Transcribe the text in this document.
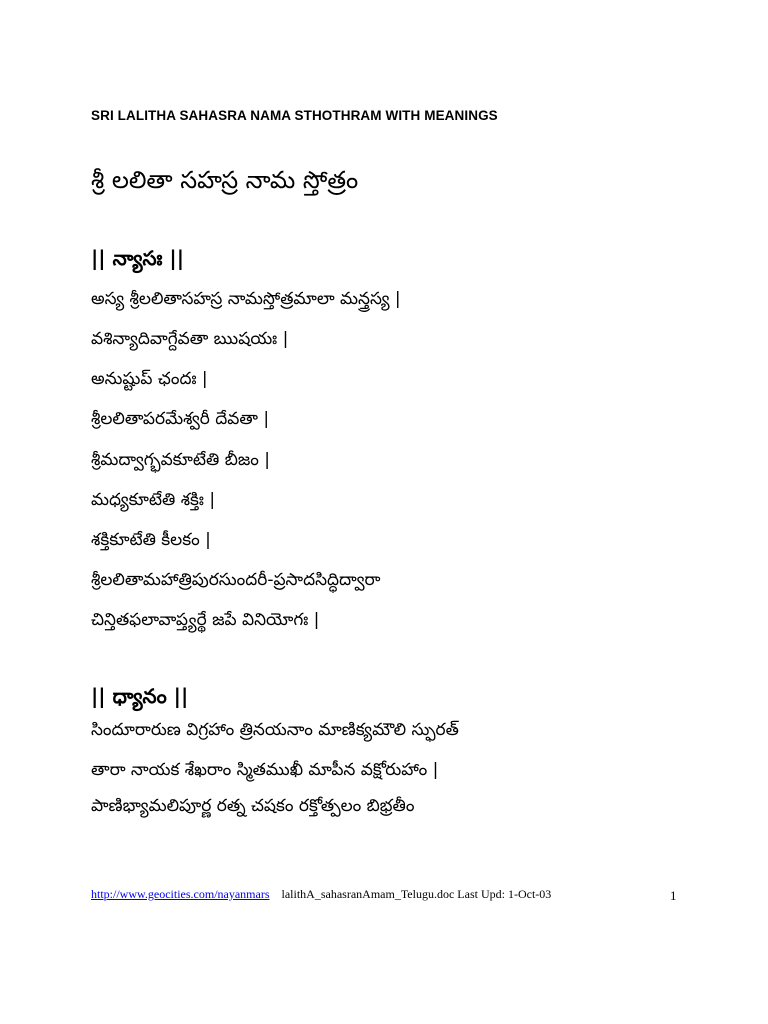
SRI LALITHA SAHASRA NAMA STHOTHRAM WITH MEANINGS
శ్రీ లలితా సహస్ర నామ స్తోత్రం
|| న్యాసః ||
అస్య శ్రీలలితాసహస్ర నామస్తోత్రమాలా మన్త్రస్య |
వశిన్యాదివాగ్దేవతా ఋషయః |
అనుష్టుప్ ఛందః |
శ్రీలలితాపరమేశ్వరీ దేవతా |
శ్రీమద్వాగ్భవకూటేతి బీజం |
మధ్యకూటేతి శక్తిః |
శక్తికూటేతి కీలకం |
శ్రీలలితామహాత్రిపురసుందరీ-ప్రసాదసిద్ధిద్వారా
చిన్తితఫలావాప్త్యర్థే జపే వినియోగః |
|| ధ్యానం ||
సిందూరారుణ విగ్రహాం త్రినయనాం మాణిక్యమౌలి స్ఫురత్
తారా నాయక శేఖరాం స్మితముఖీ మాపీన వక్షోరుహాం |
పాణిభ్యామలిపూర్ణ రత్న చషకం రక్తోత్పలం బిభ్రతీం
http://www.geocities.com/nayanmars lalithA_sahasranAmam_Telugu.doc Last Upd: 1-Oct-03	1
